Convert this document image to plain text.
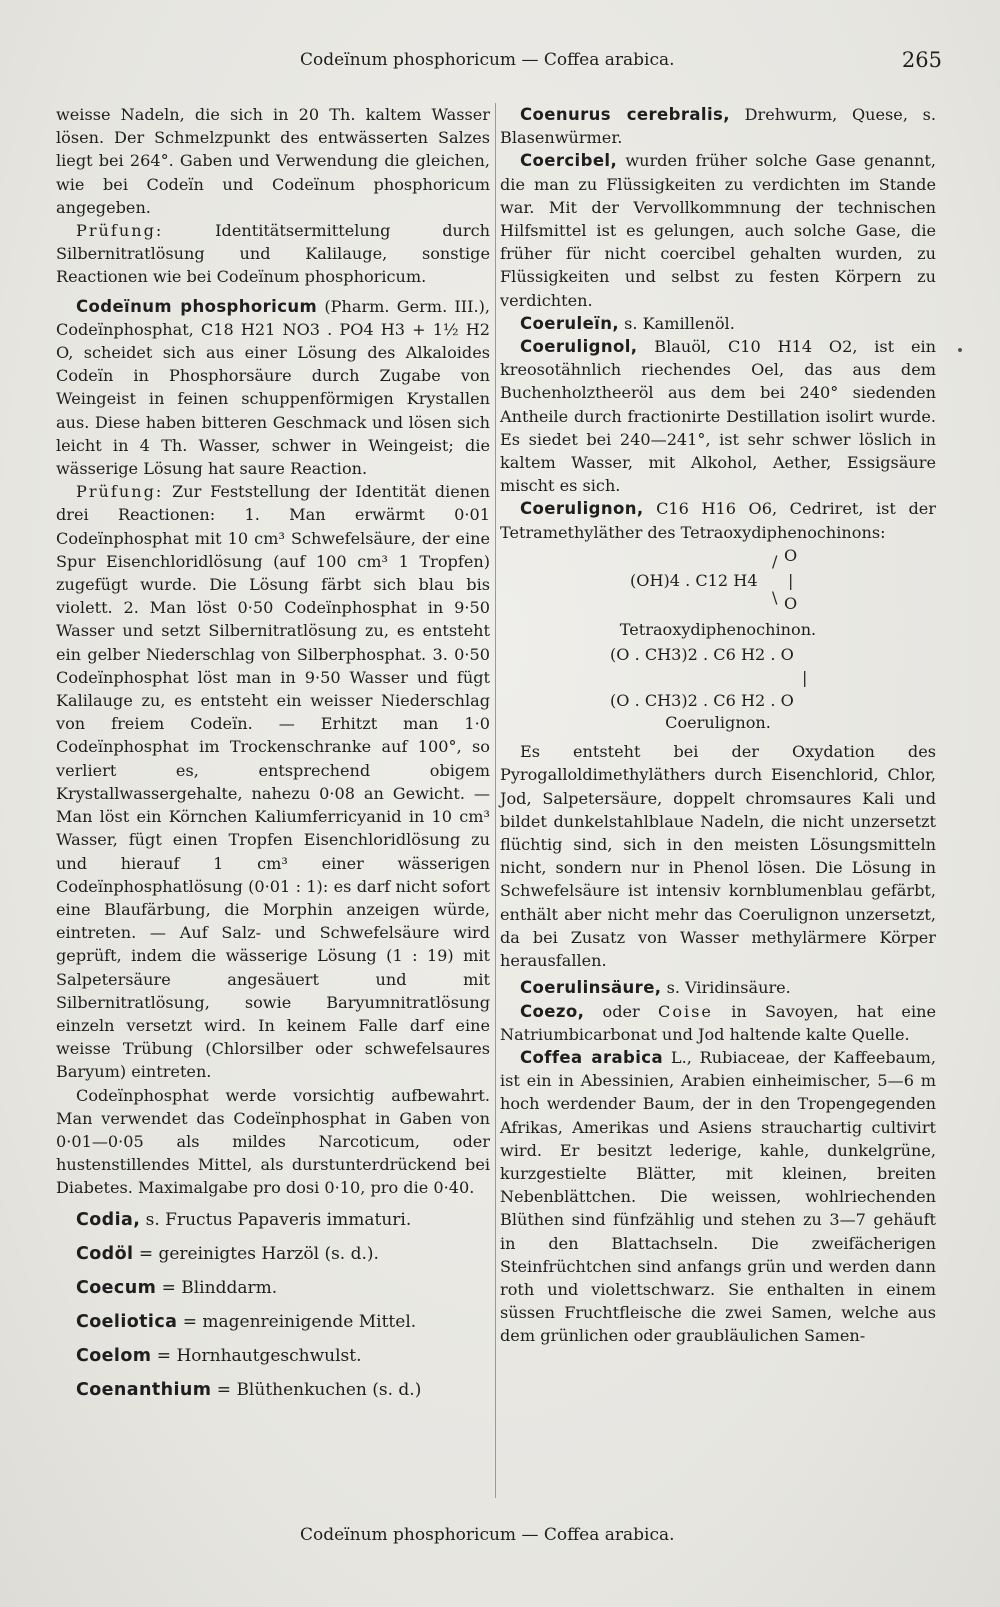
Codeïnum phosphoricum — Coffea arabica.	265

weisse Nadeln, die sich in 20 Th. kaltem Wasser lösen. Der Schmelzpunkt des entwässerten Salzes liegt bei 264°. Gaben und Verwendung die gleichen, wie bei Codeïn und Codeïnum phosphoricum angegeben.

Prüfung: Identitätsermittelung durch Silbernitratlösung und Kalilauge, sonstige Reactionen wie bei Codeïnum phosphoricum.

Codeïnum phosphoricum (Pharm. Germ. III.), Codeïnphosphat, C18 H21 NO3 . PO4 H3 + 1½ H2 O, scheidet sich aus einer Lösung des Alkaloides Codeïn in Phosphorsäure durch Zugabe von Weingeist in feinen schuppenförmigen Krystallen aus. Diese haben bitteren Geschmack und lösen sich leicht in 4 Th. Wasser, schwer in Weingeist; die wässerige Lösung hat saure Reaction.

Prüfung: Zur Feststellung der Identität dienen drei Reactionen: 1. Man erwärmt 0·01 Codeïnphosphat mit 10 cm³ Schwefelsäure, der eine Spur Eisenchloridlösung (auf 100 cm³ 1 Tropfen) zugefügt wurde. Die Lösung färbt sich blau bis violett. 2. Man löst 0·50 Codeïnphosphat in 9·50 Wasser und setzt Silbernitratlösung zu, es entsteht ein gelber Niederschlag von Silberphosphat. 3. 0·50 Codeïnphosphat löst man in 9·50 Wasser und fügt Kalilauge zu, es entsteht ein weisser Niederschlag von freiem Codeïn. — Erhitzt man 1·0 Codeïnphosphat im Trockenschranke auf 100°, so verliert es, entsprechend obigem Krystallwassergehalte, nahezu 0·08 an Gewicht. — Man löst ein Körnchen Kaliumferricyanid in 10 cm³ Wasser, fügt einen Tropfen Eisenchloridlösung zu und hierauf 1 cm³ einer wässerigen Codeïnphosphatlösung (0·01 : 1): es darf nicht sofort eine Blaufärbung, die Morphin anzeigen würde, eintreten. — Auf Salz- und Schwefelsäure wird geprüft, indem die wässerige Lösung (1 : 19) mit Salpetersäure angesäuert und mit Silbernitratlösung, sowie Baryumnitratlösung einzeln versetzt wird. In keinem Falle darf eine weisse Trübung (Chlorsilber oder schwefelsaures Baryum) eintreten.

Codeïnphosphat werde vorsichtig aufbewahrt. Man verwendet das Codeïnphosphat in Gaben von 0·01—0·05 als mildes Narcoticum, oder hustenstillendes Mittel, als durstunterdrückend bei Diabetes. Maximalgabe pro dosi 0·10, pro die 0·40.

Codia, s. Fructus Papaveris immaturi.

Codöl = gereinigtes Harzöl (s. d.).

Coecum = Blinddarm.

Coeliotica = magenreinigende Mittel.

Coelom = Hornhautgeschwulst.

Coenanthium = Blüthenkuchen (s. d.)

Coenurus cerebralis, Drehwurm, Quese, s. Blasenwürmer.

Coercibel, wurden früher solche Gase genannt, die man zu Flüssigkeiten zu verdichten im Stande war. Mit der Vervollkommnung der technischen Hilfsmittel ist es gelungen, auch solche Gase, die früher für nicht coercibel gehalten wurden, zu Flüssigkeiten und selbst zu festen Körpern zu verdichten.

Coeruleïn, s. Kamillenöl.

Coerulignol, Blauöl, C10 H14 O2, ist ein kreosotähnlich riechendes Oel, das aus dem Buchenholztheeröl aus dem bei 240° siedenden Antheile durch fractionirte Destillation isolirt wurde. Es siedet bei 240—241°, ist sehr schwer löslich in kaltem Wasser, mit Alkohol, Aether, Essigsäure mischt es sich.

Coerulignon, C16 H16 O6, Cedriret, ist der Tetramethyläther des Tetraoxydiphenochinons:

(OH)4 . C12 H4
/ O
|
\ O

Tetraoxydiphenochinon.

(O . CH3)2 . C6 H2 . O
|
(O . CH3)2 . C6 H2 . O

Coerulignon.

Es entsteht bei der Oxydation des Pyrogalloldimethyläthers durch Eisenchlorid, Chlor, Jod, Salpetersäure, doppelt chromsaures Kali und bildet dunkelstahlblaue Nadeln, die nicht unzersetzt flüchtig sind, sich in den meisten Lösungsmitteln nicht, sondern nur in Phenol lösen. Die Lösung in Schwefelsäure ist intensiv kornblumenblau gefärbt, enthält aber nicht mehr das Coerulignon unzersetzt, da bei Zusatz von Wasser methylärmere Körper herausfallen.

Coerulinsäure, s. Viridinsäure.

Coezo, oder Coise in Savoyen, hat eine Natriumbicarbonat und Jod haltende kalte Quelle.

Coffea arabica L., Rubiaceae, der Kaffeebaum, ist ein in Abessinien, Arabien einheimischer, 5—6 m hoch werdender Baum, der in den Tropengegenden Afrikas, Amerikas und Asiens strauchartig cultivirt wird. Er besitzt lederige, kahle, dunkelgrüne, kurzgestielte Blätter, mit kleinen, breiten Nebenblättchen. Die weissen, wohlriechenden Blüthen sind fünfzählig und stehen zu 3—7 gehäuft in den Blattachseln. Die zweifächerigen Steinfrüchtchen sind anfangs grün und werden dann roth und violettschwarz. Sie enthalten in einem süssen Fruchtfleische die zwei Samen, welche aus dem grünlichen oder graubläulichen Samen-

Codeïnum phosphoricum — Coffea arabica.
